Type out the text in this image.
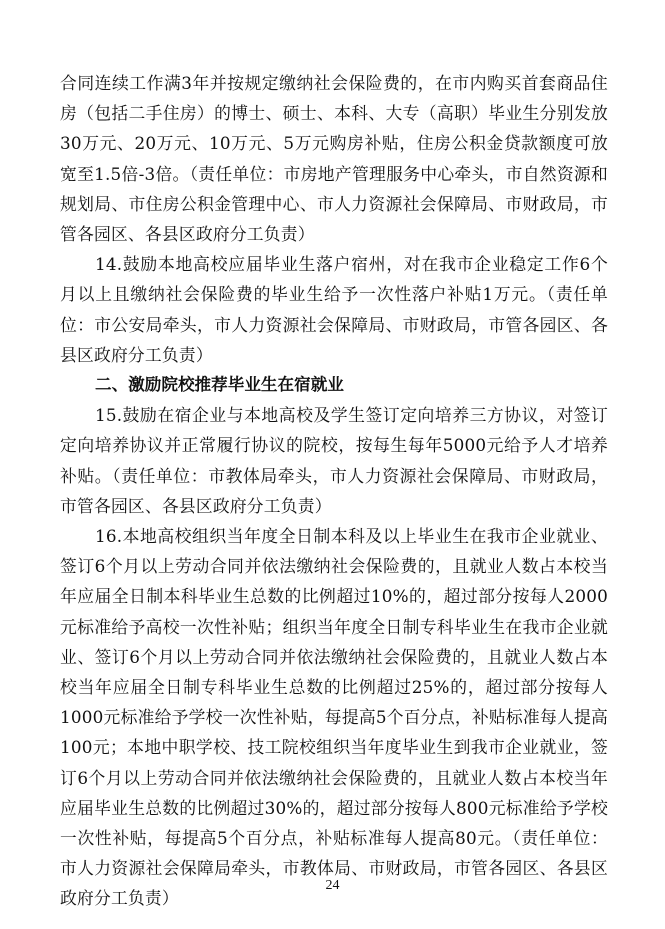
合同连续工作满3年并按规定缴纳社会保险费的，在市内购买首套商品住房（包括二手住房）的博士、硕士、本科、大专（高职）毕业生分别发放30万元、20万元、10万元、5万元购房补贴，住房公积金贷款额度可放宽至1.5倍-3倍。（责任单位：市房地产管理服务中心牵头，市自然资源和规划局、市住房公积金管理中心、市人力资源社会保障局、市财政局，市管各园区、各县区政府分工负责）

14.鼓励本地高校应届毕业生落户宿州，对在我市企业稳定工作6个月以上且缴纳社会保险费的毕业生给予一次性落户补贴1万元。（责任单位：市公安局牵头，市人力资源社会保障局、市财政局，市管各园区、各县区政府分工负责）

二、激励院校推荐毕业生在宿就业

15.鼓励在宿企业与本地高校及学生签订定向培养三方协议，对签订定向培养协议并正常履行协议的院校，按每生每年5000元给予人才培养补贴。（责任单位：市教体局牵头，市人力资源社会保障局、市财政局，市管各园区、各县区政府分工负责）

16.本地高校组织当年度全日制本科及以上毕业生在我市企业就业、签订6个月以上劳动合同并依法缴纳社会保险费的，且就业人数占本校当年应届全日制本科毕业生总数的比例超过10%的，超过部分按每人2000元标准给予高校一次性补贴；组织当年度全日制专科毕业生在我市企业就业、签订6个月以上劳动合同并依法缴纳社会保险费的，且就业人数占本校当年应届全日制专科毕业生总数的比例超过25%的，超过部分按每人1000元标准给予学校一次性补贴，每提高5个百分点，补贴标准每人提高100元；本地中职学校、技工院校组织当年度毕业生到我市企业就业，签订6个月以上劳动合同并依法缴纳社会保险费的，且就业人数占本校当年应届毕业生总数的比例超过30%的，超过部分按每人800元标准给予学校一次性补贴，每提高5个百分点，补贴标准每人提高80元。（责任单位：市人力资源社会保障局牵头，市教体局、市财政局，市管各园区、各县区政府分工负责）

24
